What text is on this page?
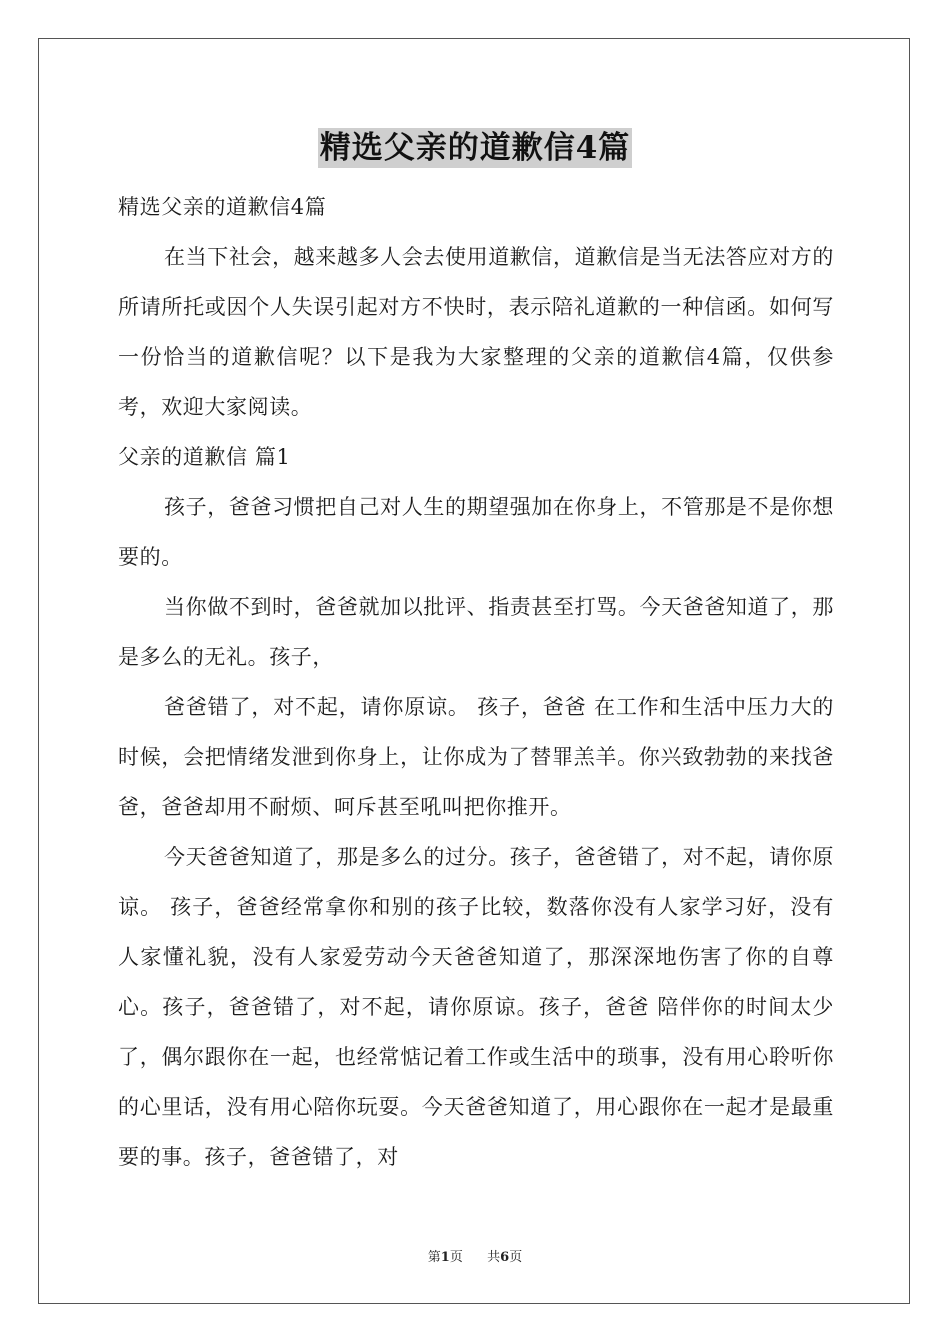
精选父亲的道歉信4篇

精选父亲的道歉信4篇

在当下社会，越来越多人会去使用道歉信，道歉信是当无法答应对方的所请所托或因个人失误引起对方不快时，表示陪礼道歉的一种信函。如何写一份恰当的道歉信呢？以下是我为大家整理的父亲的道歉信4篇，仅供参考，欢迎大家阅读。

父亲的道歉信 篇1

孩子，爸爸习惯把自己对人生的期望强加在你身上，不管那是不是你想要的。

当你做不到时，爸爸就加以批评、指责甚至打骂。今天爸爸知道了，那是多么的无礼。孩子，

爸爸错了，对不起，请你原谅。 孩子，爸爸 在工作和生活中压力大的时候，会把情绪发泄到你身上，让你成为了替罪羔羊。你兴致勃勃的来找爸爸，爸爸却用不耐烦、呵斥甚至吼叫把你推开。

今天爸爸知道了，那是多么的过分。孩子，爸爸错了，对不起，请你原谅。 孩子，爸爸经常拿你和别的孩子比较，数落你没有人家学习好，没有人家懂礼貌，没有人家爱劳动今天爸爸知道了，那深深地伤害了你的自尊心。孩子，爸爸错了，对不起，请你原谅。孩子，爸爸 陪伴你的时间太少了，偶尔跟你在一起，也经常惦记着工作或生活中的琐事，没有用心聆听你的心里话，没有用心陪你玩耍。今天爸爸知道了，用心跟你在一起才是最重要的事。孩子，爸爸错了，对

第1页 共6页
